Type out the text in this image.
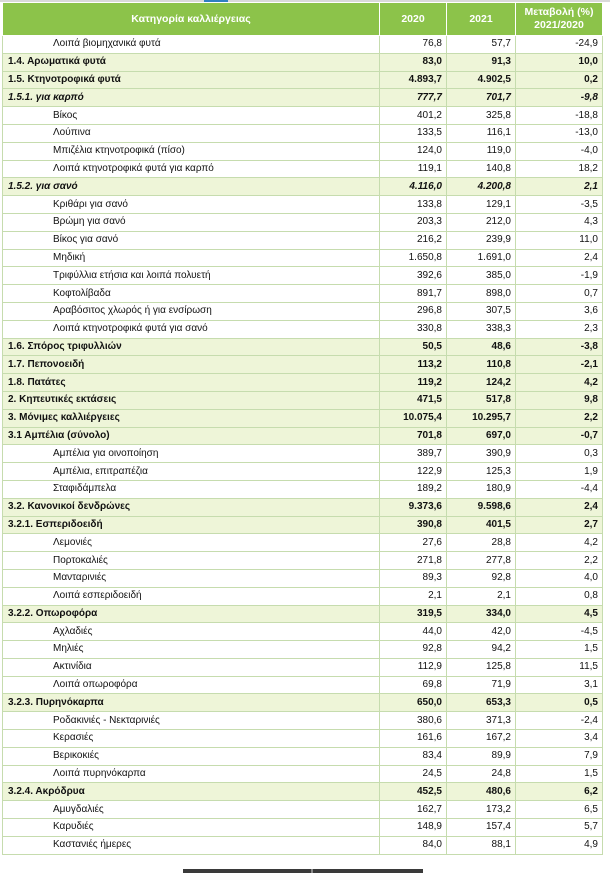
Κατηγορία καλλιέργειας	2020	2021	Μεταβολή (%)
2021/2020
Λοιπά βιομηχανικά φυτά	76,8	57,7	-24,9
1.4. Αρωματικά φυτά	83,0	91,3	10,0
1.5. Κτηνοτροφικά φυτά	4.893,7	4.902,5	0,2
1.5.1. για καρπό	777,7	701,7	-9,8
Βίκος	401,2	325,8	-18,8
Λούπινα	133,5	116,1	-13,0
Μπιζέλια κτηνοτροφικά (πίσο)	124,0	119,0	-4,0
Λοιπά κτηνοτροφικά φυτά για καρπό	119,1	140,8	18,2
1.5.2. για σανό	4.116,0	4.200,8	2,1
Κριθάρι για σανό	133,8	129,1	-3,5
Βρώμη για σανό	203,3	212,0	4,3
Βίκος για σανό	216,2	239,9	11,0
Μηδική	1.650,8	1.691,0	2,4
Τριφύλλια ετήσια και λοιπά πολυετή	392,6	385,0	-1,9
Κοφτολίβαδα	891,7	898,0	0,7
Αραβόσιτος χλωρός ή για ενσίρωση	296,8	307,5	3,6
Λοιπά κτηνοτροφικά φυτά για σανό	330,8	338,3	2,3
1.6. Σπόρος τριφυλλιών	50,5	48,6	-3,8
1.7. Πεπονοειδή	113,2	110,8	-2,1
1.8. Πατάτες	119,2	124,2	4,2
2. Κηπευτικές εκτάσεις	471,5	517,8	9,8
3. Μόνιμες καλλιέργειες	10.075,4	10.295,7	2,2
3.1 Αμπέλια (σύνολο)	701,8	697,0	-0,7
Αμπέλια για οινοποίηση	389,7	390,9	0,3
Αμπέλια, επιτραπέζια	122,9	125,3	1,9
Σταφιδάμπελα	189,2	180,9	-4,4
3.2. Κανονικοί δενδρώνες	9.373,6	9.598,6	2,4
3.2.1. Εσπεριδοειδή	390,8	401,5	2,7
Λεμονιές	27,6	28,8	4,2
Πορτοκαλιές	271,8	277,8	2,2
Μανταρινιές	89,3	92,8	4,0
Λοιπά εσπεριδοειδή	2,1	2,1	0,8
3.2.2. Οπωροφόρα	319,5	334,0	4,5
Αχλαδιές	44,0	42,0	-4,5
Μηλιές	92,8	94,2	1,5
Ακτινίδια	112,9	125,8	11,5
Λοιπά οπωροφόρα	69,8	71,9	3,1
3.2.3. Πυρηνόκαρπα	650,0	653,3	0,5
Ροδακινιές - Νεκταρινιές	380,6	371,3	-2,4
Κερασιές	161,6	167,2	3,4
Βερικοκιές	83,4	89,9	7,9
Λοιπά πυρηνόκαρπα	24,5	24,8	1,5
3.2.4. Ακρόδρυα	452,5	480,6	6,2
Αμυγδαλιές	162,7	173,2	6,5
Καρυδιές	148,9	157,4	5,7
Καστανιές ήμερες	84,0	88,1	4,9
